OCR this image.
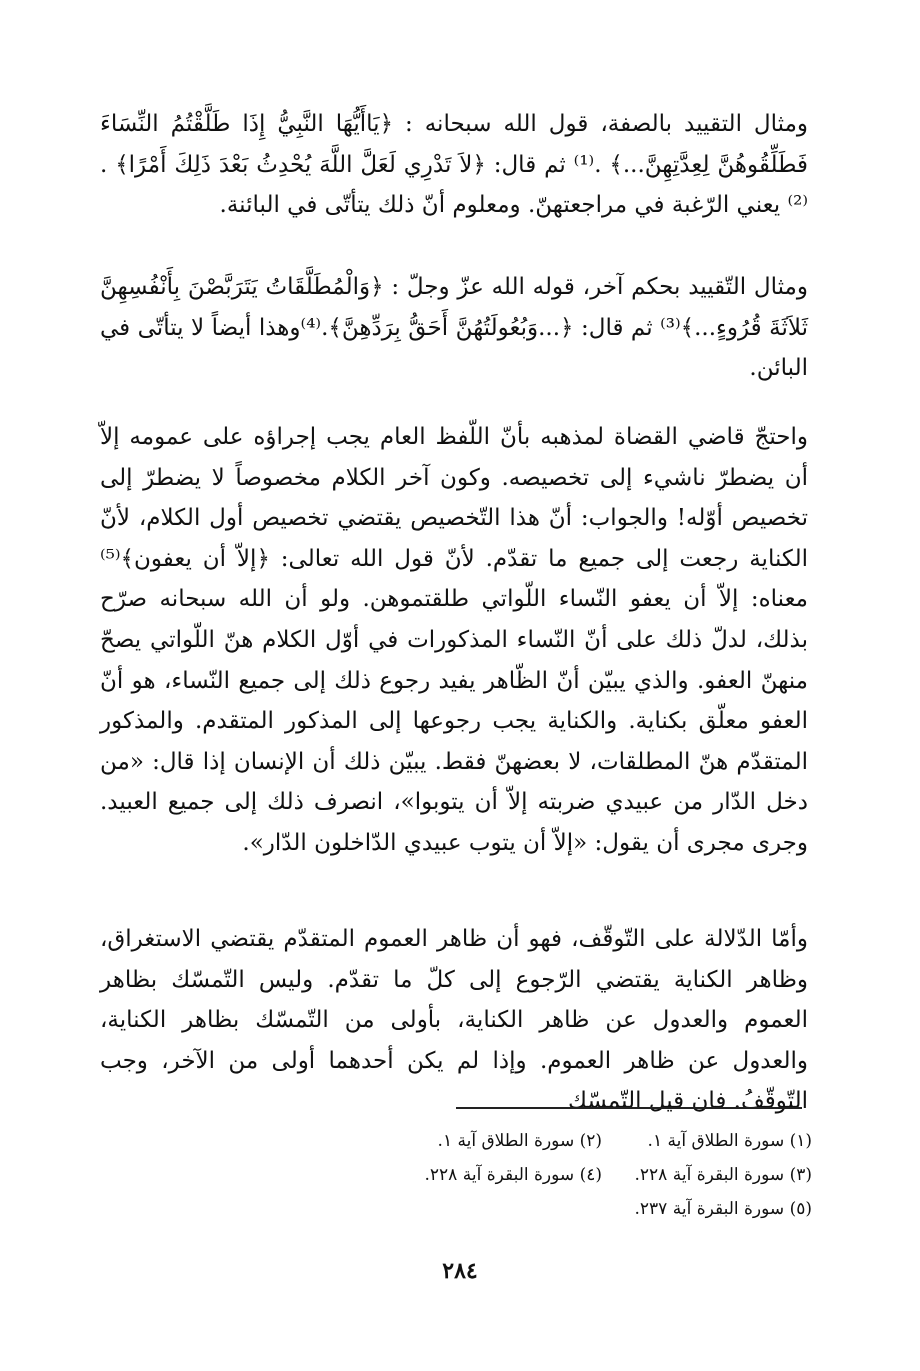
ومثال التقييد بالصفة، قول الله سبحانه : ﴿يَاأَيُّهَا النَّبِيُّ إِذَا طَلَّقْتُمُ النِّسَاءَ فَطَلِّقُوهُنَّ لِعِدَّتِهِنَّ...﴾ .⁽¹⁾ ثم قال: ﴿لاَ تَدْرِي لَعَلَّ اللَّهَ يُحْدِثُ بَعْدَ ذَلِكَ أَمْرًا﴾ .⁽²⁾ يعني الرّغبة في مراجعتهنّ. ومعلوم أنّ ذلك يتأتّى في البائنة.

ومثال التّقييد بحكم آخر، قوله الله عزّ وجلّ : ﴿وَالْمُطَلَّقَاتُ يَتَرَبَّصْنَ بِأَنْفُسِهِنَّ ثَلاَثَةَ قُرُوءٍ...﴾⁽³⁾ ثم قال: ﴿...وَبُعُولَتُهُنَّ أَحَقُّ بِرَدِّهِنَّ﴾.⁽⁴⁾وهذا أيضاً لا يتأتّى في البائن.

واحتجّ قاضي القضاة لمذهبه بأنّ اللّفظ العام يجب إجراؤه على عمومه إلاّ أن يضطرّ ناشيء إلى تخصيصه. وكون آخر الكلام مخصوصاً لا يضطرّ إلى تخصيص أوّله! والجواب: أنّ هذا التّخصيص يقتضي تخصيص أول الكلام، لأنّ الكناية رجعت إلى جميع ما تقدّم. لأنّ قول الله تعالى: ﴿إلاّ أن يعفون﴾⁽⁵⁾ معناه: إلاّ أن يعفو النّساء اللّواتي طلقتموهن. ولو أن الله سبحانه صرّح بذلك، لدلّ ذلك على أنّ النّساء المذكورات في أوّل الكلام هنّ اللّواتي يصحّ منهنّ العفو. والذي يبيّن أنّ الظّاهر يفيد رجوع ذلك إلى جميع النّساء، هو أنّ العفو معلّق بكناية. والكناية يجب رجوعها إلى المذكور المتقدم. والمذكور المتقدّم هنّ المطلقات، لا بعضهنّ فقط. يبيّن ذلك أن الإنسان إذا قال: «من دخل الدّار من عبيدي ضربته إلاّ أن يتوبوا»، انصرف ذلك إلى جميع العبيد. وجرى مجرى أن يقول: «إلاّ أن يتوب عبيدي الدّاخلون الدّار».

وأمّا الدّلالة على التّوقّف، فهو أن ظاهر العموم المتقدّم يقتضي الاستغراق، وظاهر الكناية يقتضي الرّجوع إلى كلّ ما تقدّم. وليس التّمسّك بظاهر العموم والعدول عن ظاهر الكناية، بأولى من التّمسّك بظاهر الكناية، والعدول عن ظاهر العموم. وإذا لم يكن أحدهما أولى من الآخر، وجب التّوقّفُ. فان قيل التّمسّك

(١) سورة الطلاق آية ١.
(٢) سورة الطلاق آية ١.
(٣) سورة البقرة آية ٢٢٨.
(٤) سورة البقرة آية ٢٢٨.
(٥) سورة البقرة آية ٢٣٧.
٢٨٤
